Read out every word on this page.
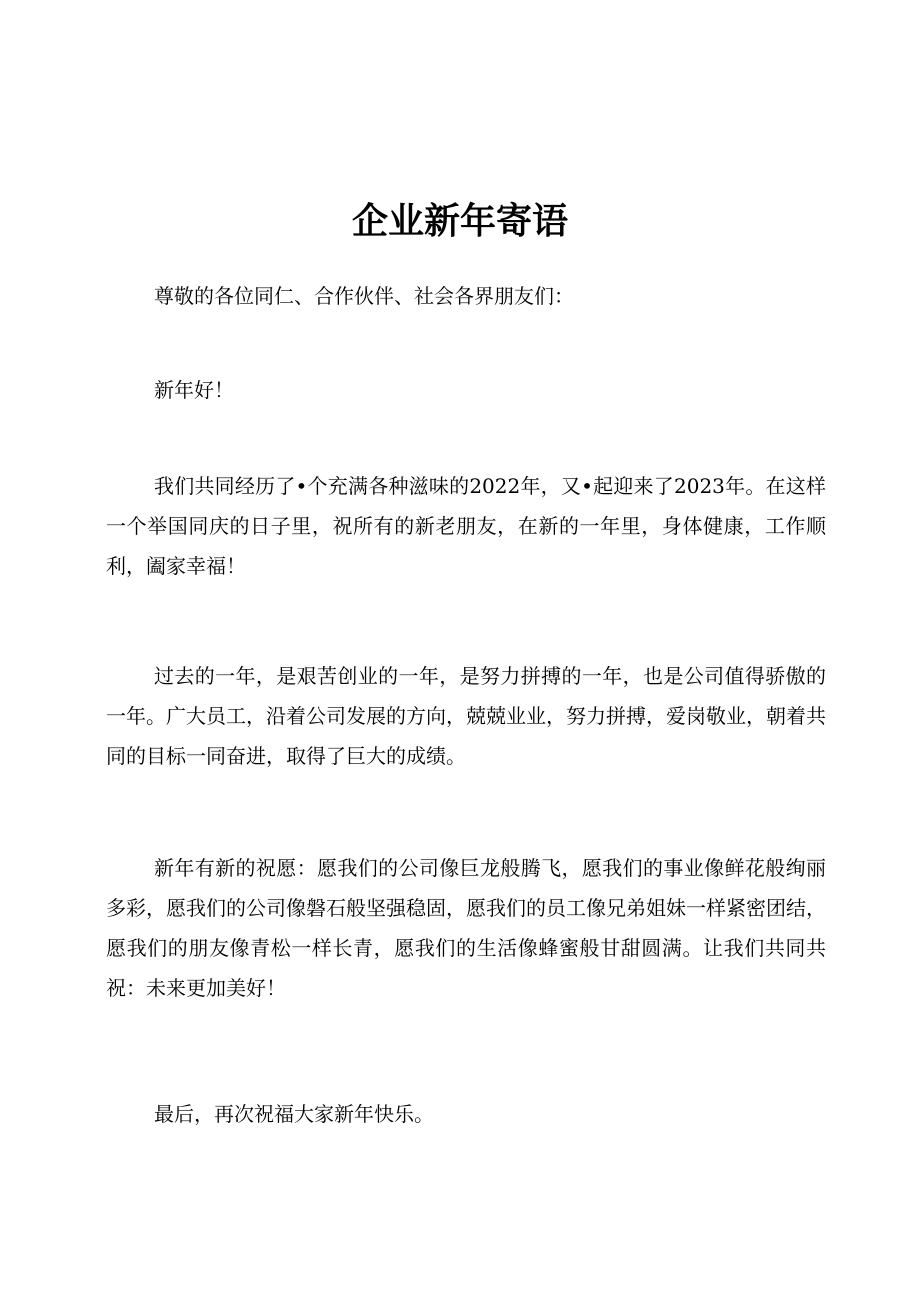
企业新年寄语

尊敬的各位同仁、合作伙伴、社会各界朋友们：

新年好！

我们共同经历了•个充满各种滋味的2022年，又•起迎来了2023年。在这样一个举国同庆的日子里，祝所有的新老朋友，在新的一年里，身体健康，工作顺利，阖家幸福！

过去的一年，是艰苦创业的一年，是努力拼搏的一年，也是公司值得骄傲的一年。广大员工，沿着公司发展的方向，兢兢业业，努力拼搏，爱岗敬业，朝着共同的目标一同奋进，取得了巨大的成绩。

新年有新的祝愿：愿我们的公司像巨龙般腾飞，愿我们的事业像鲜花般绚丽多彩，愿我们的公司像磐石般坚强稳固，愿我们的员工像兄弟姐妹一样紧密团结，愿我们的朋友像青松一样长青，愿我们的生活像蜂蜜般甘甜圆满。让我们共同共祝：未来更加美好！

最后，再次祝福大家新年快乐。
